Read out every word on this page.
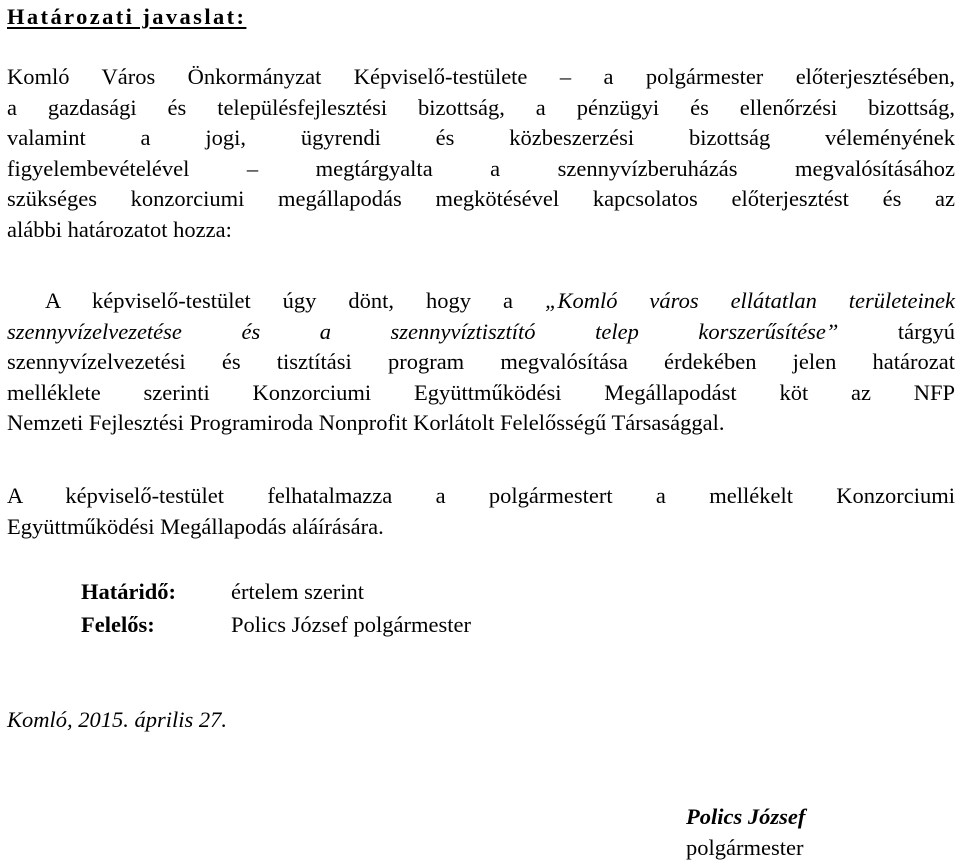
Határozati javaslat:
Komló Város Önkormányzat Képviselő-testülete – a polgármester előterjesztésében,
a gazdasági és településfejlesztési bizottság, a pénzügyi és ellenőrzési bizottság,
valamint a jogi, ügyrendi és közbeszerzési bizottság véleményének
figyelembevételével – megtárgyalta a szennyvízberuházás megvalósításához
szükséges konzorciumi megállapodás megkötésével kapcsolatos előterjesztést és az
alábbi határozatot hozza:
A képviselő-testület úgy dönt, hogy a „Komló város ellátatlan területeinek
szennyvízelvezetése és a szennyvíztisztító telep korszerűsítése” tárgyú
szennyvízelvezetési és tisztítási program megvalósítása érdekében jelen határozat
melléklete szerinti Konzorciumi Együttműködési Megállapodást köt az NFP
Nemzeti Fejlesztési Programiroda Nonprofit Korlátolt Felelősségű Társasággal.
A képviselő-testület felhatalmazza a polgármestert a mellékelt Konzorciumi
Együttműködési Megállapodás aláírására.
Határidő:	értelem szerint
Felelős:	Polics József polgármester
Komló, 2015. április 27.
Polics József
polgármester
